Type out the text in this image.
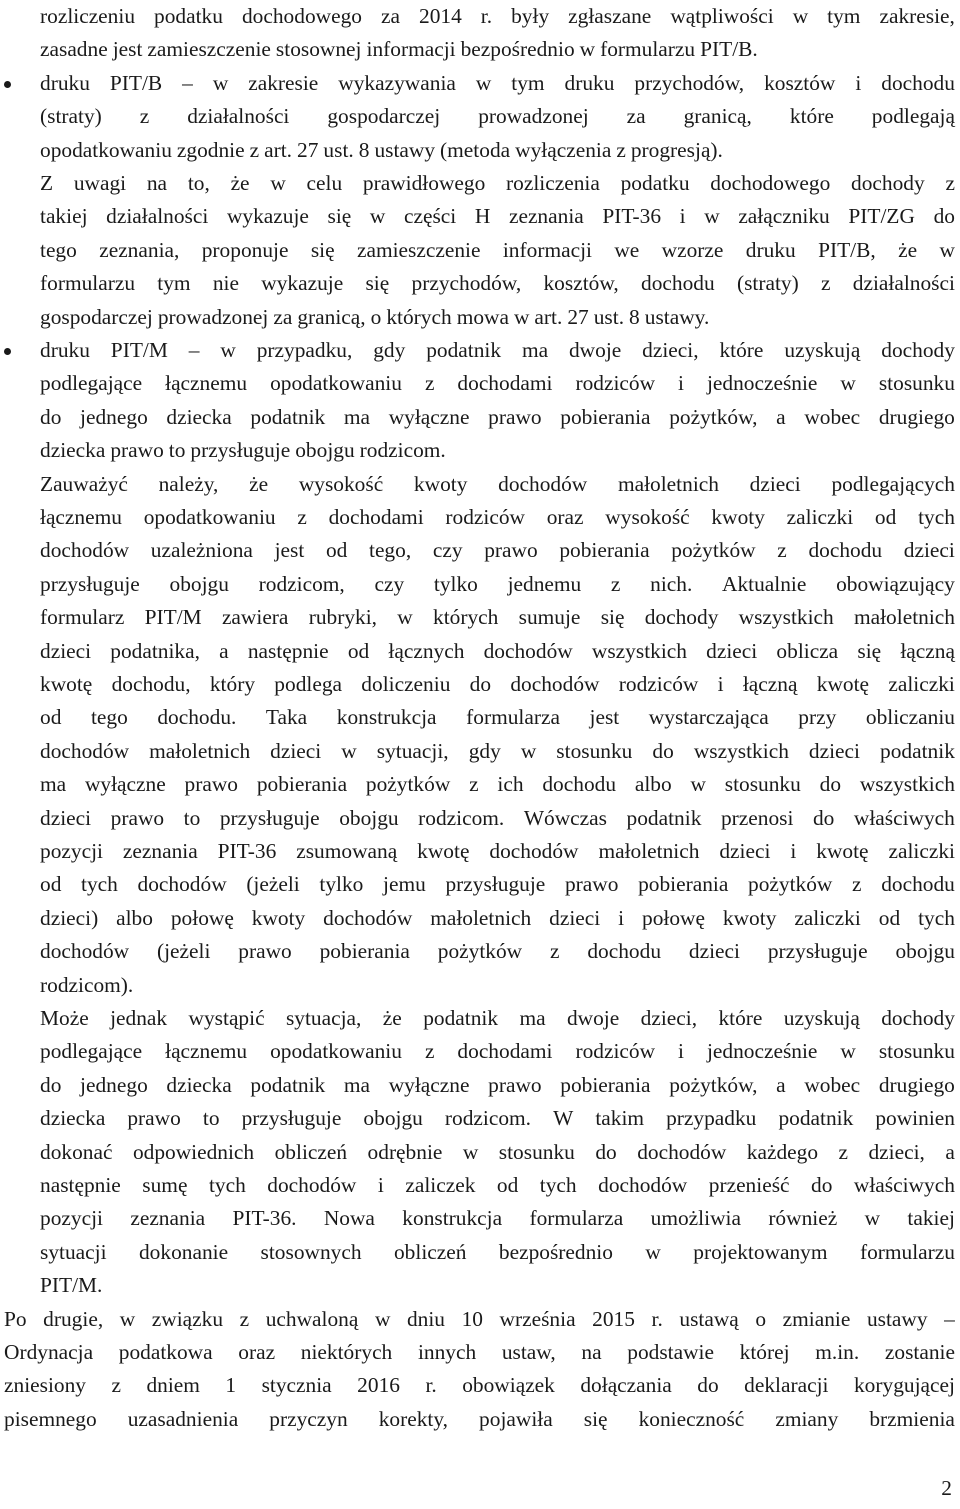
rozliczeniu podatku dochodowego za 2014 r. były zgłaszane wątpliwości w tym zakresie,
zasadne jest zamieszczenie stosownej informacji bezpośrednio w formularzu PIT/B.
druku PIT/B – w zakresie wykazywania w tym druku przychodów, kosztów i dochodu
(straty) z działalności gospodarczej prowadzonej za granicą, które podlegają
opodatkowaniu zgodnie z art. 27 ust. 8 ustawy (metoda wyłączenia z progresją).
Z uwagi na to, że w celu prawidłowego rozliczenia podatku dochodowego dochody z
takiej działalności wykazuje się w części H zeznania PIT-36 i w załączniku PIT/ZG do
tego zeznania, proponuje się zamieszczenie informacji we wzorze druku PIT/B, że w
formularzu tym nie wykazuje się przychodów, kosztów, dochodu (straty) z działalności
gospodarczej prowadzonej za granicą, o których mowa w art. 27 ust. 8 ustawy.
druku PIT/M – w przypadku, gdy podatnik ma dwoje dzieci, które uzyskują dochody
podlegające łącznemu opodatkowaniu z dochodami rodziców i jednocześnie w stosunku
do jednego dziecka podatnik ma wyłączne prawo pobierania pożytków, a wobec drugiego
dziecka prawo to przysługuje obojgu rodzicom.
Zauważyć należy, że wysokość kwoty dochodów małoletnich dzieci podlegających
łącznemu opodatkowaniu z dochodami rodziców oraz wysokość kwoty zaliczki od tych
dochodów uzależniona jest od tego, czy prawo pobierania pożytków z dochodu dzieci
przysługuje obojgu rodzicom, czy tylko jednemu z nich. Aktualnie obowiązujący
formularz PIT/M zawiera rubryki, w których sumuje się dochody wszystkich małoletnich
dzieci podatnika, a następnie od łącznych dochodów wszystkich dzieci oblicza się łączną
kwotę dochodu, który podlega doliczeniu do dochodów rodziców i łączną kwotę zaliczki
od tego dochodu. Taka konstrukcja formularza jest wystarczająca przy obliczaniu
dochodów małoletnich dzieci w sytuacji, gdy w stosunku do wszystkich dzieci podatnik
ma wyłączne prawo pobierania pożytków z ich dochodu albo w stosunku do wszystkich
dzieci prawo to przysługuje obojgu rodzicom. Wówczas podatnik przenosi do właściwych
pozycji zeznania PIT-36 zsumowaną kwotę dochodów małoletnich dzieci i kwotę zaliczki
od tych dochodów (jeżeli tylko jemu przysługuje prawo pobierania pożytków z dochodu
dzieci) albo połowę kwoty dochodów małoletnich dzieci i połowę kwoty zaliczki od tych
dochodów (jeżeli prawo pobierania pożytków z dochodu dzieci przysługuje obojgu
rodzicom).
Może jednak wystąpić sytuacja, że podatnik ma dwoje dzieci, które uzyskują dochody
podlegające łącznemu opodatkowaniu z dochodami rodziców i jednocześnie w stosunku
do jednego dziecka podatnik ma wyłączne prawo pobierania pożytków, a wobec drugiego
dziecka prawo to przysługuje obojgu rodzicom. W takim przypadku podatnik powinien
dokonać odpowiednich obliczeń odrębnie w stosunku do dochodów każdego z dzieci, a
następnie sumę tych dochodów i zaliczek od tych dochodów przenieść do właściwych
pozycji zeznania PIT-36. Nowa konstrukcja formularza umożliwia również w takiej
sytuacji dokonanie stosownych obliczeń bezpośrednio w projektowanym formularzu
PIT/M.
Po drugie, w związku z uchwaloną w dniu 10 września 2015 r. ustawą o zmianie ustawy –
Ordynacja podatkowa oraz niektórych innych ustaw, na podstawie której m.in. zostanie
zniesiony z dniem 1 stycznia 2016 r. obowiązek dołączania do deklaracji korygującej
pisemnego uzasadnienia przyczyn korekty, pojawiła się konieczność zmiany brzmienia
2
